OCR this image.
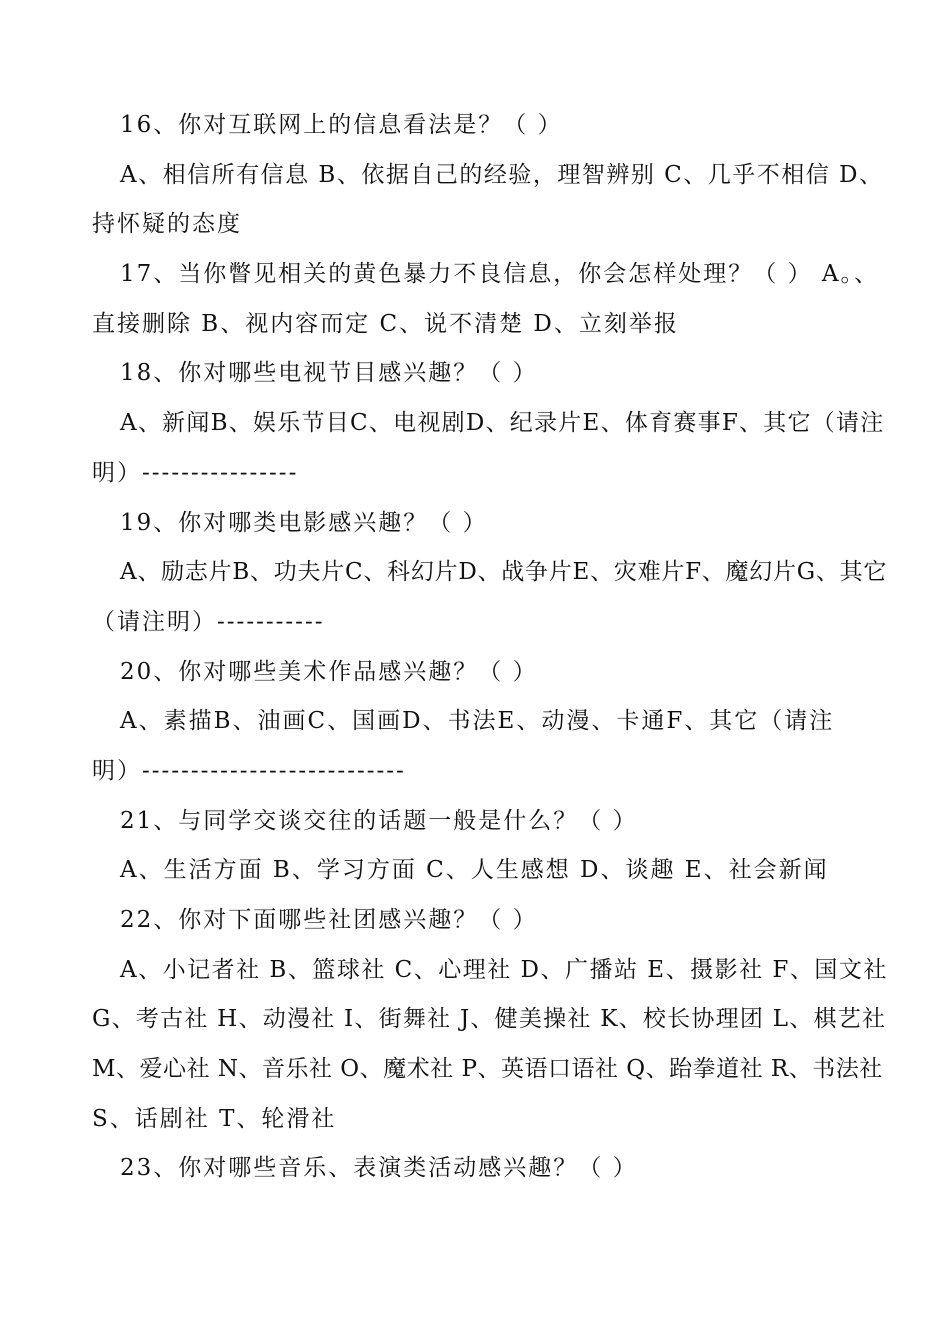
16、你对互联网上的信息看法是？（ ）
A、相信所有信息 B、依据自己的经验，理智辨别 C、几乎不相信 D、
持怀疑的态度
17、当你瞥见相关的黄色暴力不良信息，你会怎样处理？（ ） A。、
直接删除 B、视内容而定 C、说不清楚 D、立刻举报
18、你对哪些电视节目感兴趣？（ ）
A、新闻B、娱乐节目C、电视剧D、纪录片E、体育赛事F、其它（请注
明）----------------
19、你对哪类电影感兴趣？（ ）
A、励志片B、功夫片C、科幻片D、战争片E、灾难片F、魔幻片G、其它
（请注明）-----------
20、你对哪些美术作品感兴趣？（ ）
A、素描B、油画C、国画D、书法E、动漫、卡通F、其它（请注
明）---------------------------
21、与同学交谈交往的话题一般是什么？（ ）
A、生活方面 B、学习方面 C、人生感想 D、谈趣 E、社会新闻
22、你对下面哪些社团感兴趣？（ ）
A、小记者社 B、篮球社 C、心理社 D、广播站 E、摄影社 F、国文社
G、考古社 H、动漫社 I、街舞社 J、健美操社 K、校长协理团 L、棋艺社
M、爱心社 N、音乐社 O、魔术社 P、英语口语社 Q、跆拳道社 R、书法社
S、话剧社 T、轮滑社
23、你对哪些音乐、表演类活动感兴趣？（ ）
